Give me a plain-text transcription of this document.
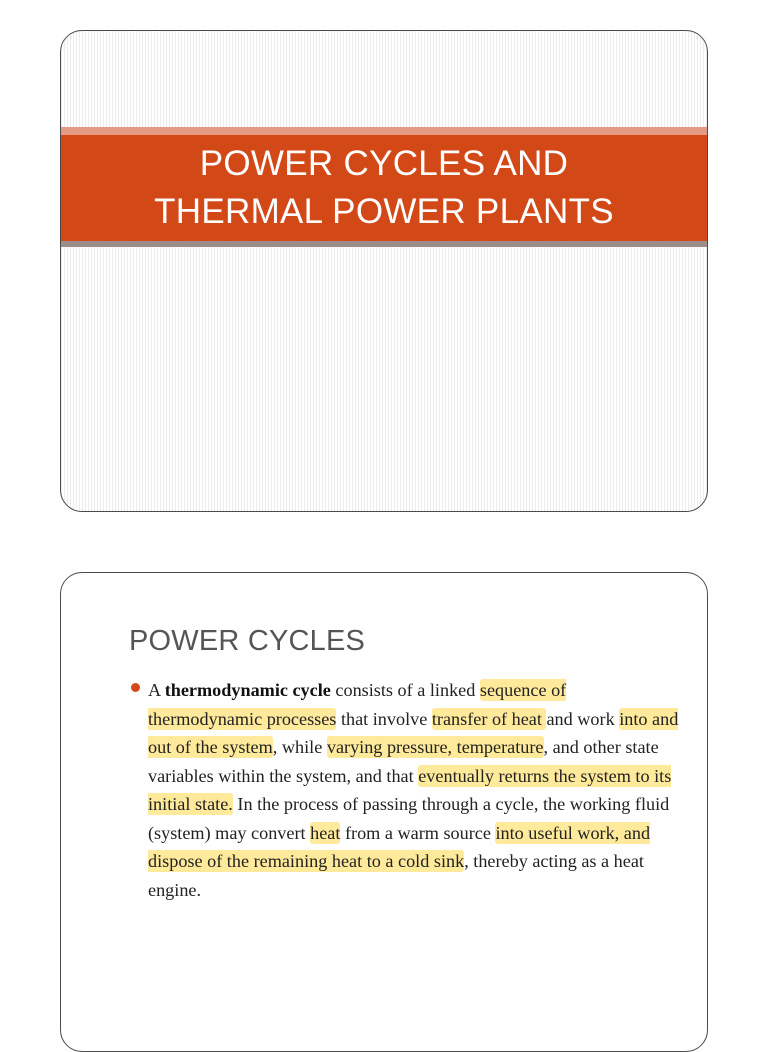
POWER CYCLES AND
THERMAL POWER PLANTS
POWER CYCLES

A thermodynamic cycle consists of a linked sequence of thermodynamic processes that involve transfer of heat and work into and out of the system, while varying pressure, temperature, and other state variables within the system, and that eventually returns the system to its initial state. In the process of passing through a cycle, the working fluid (system) may convert heat from a warm source into useful work, and dispose of the remaining heat to a cold sink, thereby acting as a heat engine.
